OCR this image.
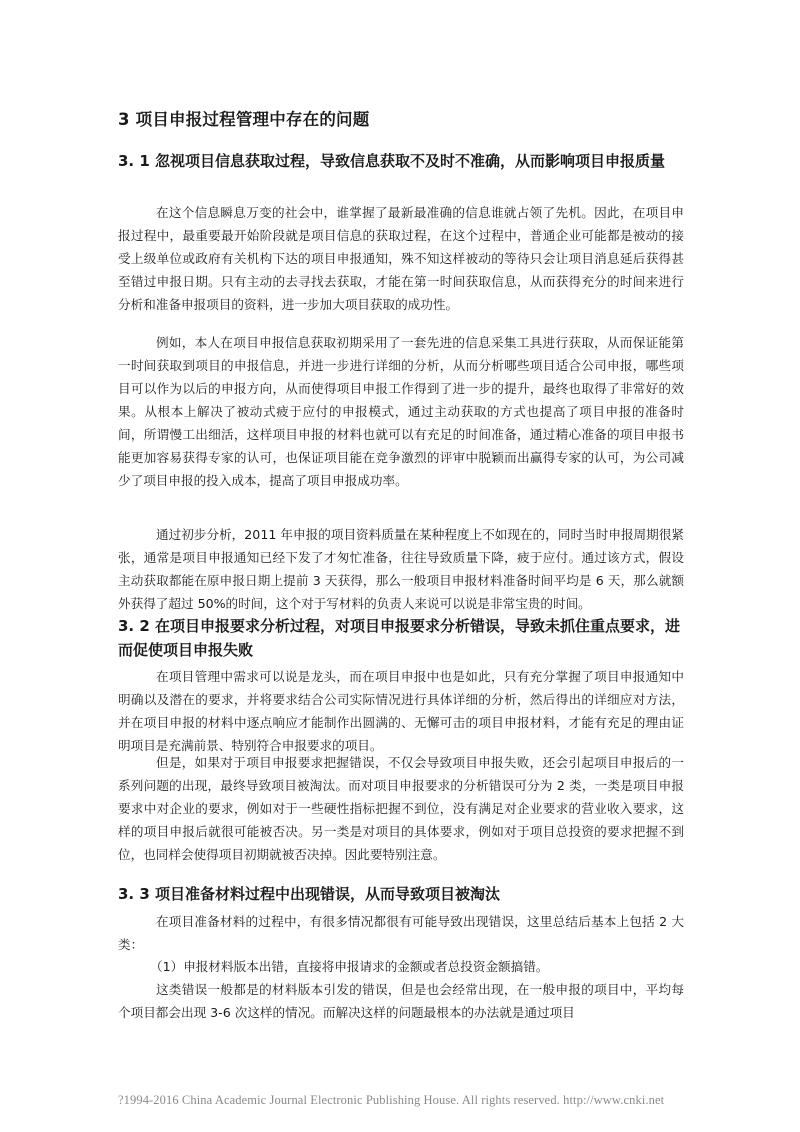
3 项目申报过程管理中存在的问题
3. 1 忽视项目信息获取过程，导致信息获取不及时不准确，从而影响项目申报质量

在这个信息瞬息万变的社会中，谁掌握了最新最准确的信息谁就占领了先机。因此，在项目申报过程中，最重要最开始阶段就是项目信息的获取过程，在这个过程中，普通企业可能都是被动的接受上级单位或政府有关机构下达的项目申报通知，殊不知这样被动的等待只会让项目消息延后获得甚至错过申报日期。只有主动的去寻找去获取，才能在第一时间获取信息，从而获得充分的时间来进行分析和准备申报项目的资料，进一步加大项目获取的成功性。

例如，本人在项目申报信息获取初期采用了一套先进的信息采集工具进行获取，从而保证能第一时间获取到项目的申报信息，并进一步进行详细的分析，从而分析哪些项目适合公司申报，哪些项目可以作为以后的申报方向，从而使得项目申报工作得到了进一步的提升，最终也取得了非常好的效果。从根本上解决了被动式疲于应付的申报模式，通过主动获取的方式也提高了项目申报的准备时间，所谓慢工出细活，这样项目申报的材料也就可以有充足的时间准备，通过精心准备的项目申报书能更加容易获得专家的认可，也保证项目能在竞争激烈的评审中脱颖而出赢得专家的认可，为公司减少了项目申报的投入成本，提高了项目申报成功率。

通过初步分析，2011 年申报的项目资料质量在某种程度上不如现在的，同时当时申报周期很紧张，通常是项目申报通知已经下发了才匆忙准备，往往导致质量下降，疲于应付。通过该方式，假设主动获取都能在原申报日期上提前 3 天获得，那么一般项目申报材料准备时间平均是 6 天，那么就额外获得了超过 50%的时间，这个对于写材料的负责人来说可以说是非常宝贵的时间。

3. 2 在项目申报要求分析过程，对项目申报要求分析错误，导致未抓住重点要求，进而促使项目申报失败

在项目管理中需求可以说是龙头，而在项目申报中也是如此，只有充分掌握了项目申报通知中明确以及潜在的要求，并将要求结合公司实际情况进行具体详细的分析，然后得出的详细应对方法，并在项目申报的材料中逐点响应才能制作出圆满的、无懈可击的项目申报材料，才能有充足的理由证明项目是充满前景、特别符合申报要求的项目。

但是，如果对于项目申报要求把握错误，不仅会导致项目申报失败，还会引起项目申报后的一系列问题的出现，最终导致项目被淘汰。而对项目申报要求的分析错误可分为 2 类，一类是项目申报要求中对企业的要求，例如对于一些硬性指标把握不到位，没有满足对企业要求的营业收入要求，这样的项目申报后就很可能被否决。另一类是对项目的具体要求，例如对于项目总投资的要求把握不到位，也同样会使得项目初期就被否决掉。因此要特别注意。

3. 3 项目准备材料过程中出现错误，从而导致项目被淘汰

在项目准备材料的过程中，有很多情况都很有可能导致出现错误，这里总结后基本上包括 2 大类：

（1）申报材料版本出错，直接将申报请求的金额或者总投资金额搞错。

这类错误一般都是的材料版本引发的错误，但是也会经常出现，在一般申报的项目中，平均每个项目都会出现 3-6 次这样的情况。而解决这样的问题最根本的办法就是通过项目

?1994-2016 China Academic Journal Electronic Publishing House. All rights reserved. http://www.cnki.net
